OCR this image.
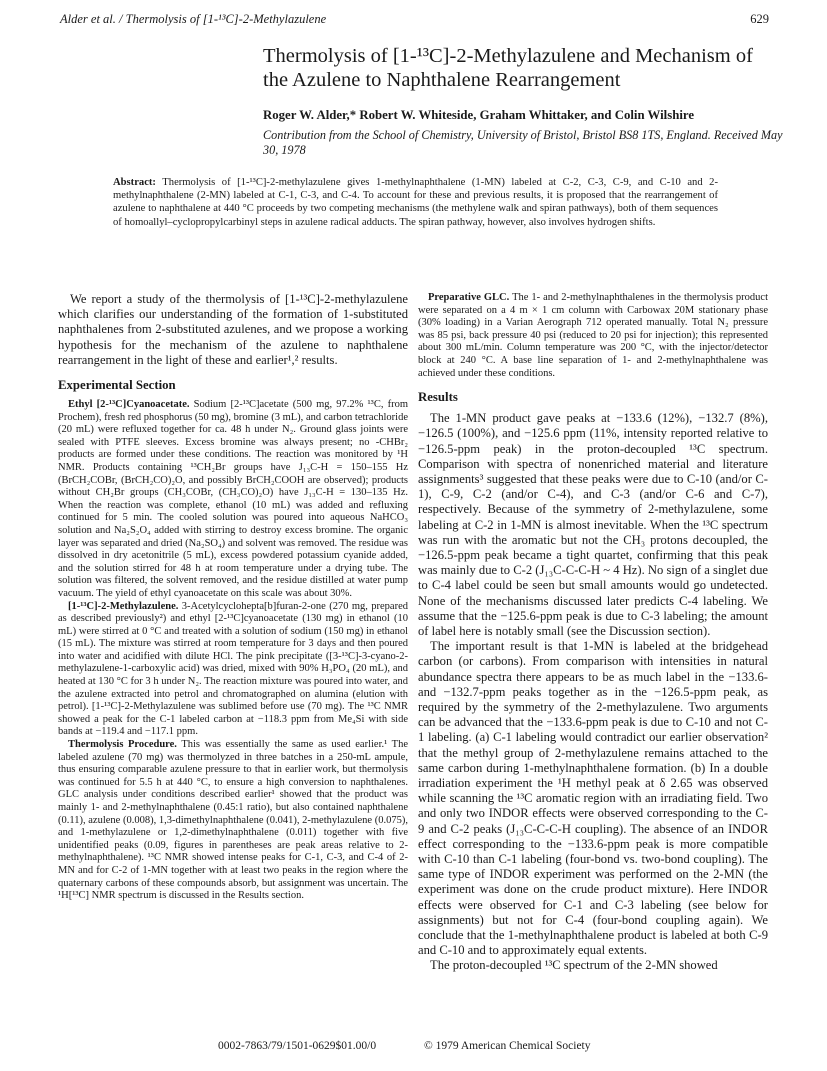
Alder et al. / Thermolysis of [1-¹³C]-2-Methylazulene	629
Thermolysis of [1-¹³C]-2-Methylazulene and Mechanism of the Azulene to Naphthalene Rearrangement
Roger W. Alder,* Robert W. Whiteside, Graham Whittaker, and Colin Wilshire
Contribution from the School of Chemistry, University of Bristol, Bristol BS8 1TS, England. Received May 30, 1978
Abstract: Thermolysis of [1-¹³C]-2-methylazulene gives 1-methylnaphthalene (1-MN) labeled at C-2, C-3, C-9, and C-10 and 2-methylnaphthalene (2-MN) labeled at C-1, C-3, and C-4. To account for these and previous results, it is proposed that the rearrangement of azulene to naphthalene at 440 °C proceeds by two competing mechanisms (the methylene walk and spiran pathways), both of them sequences of homoallyl–cyclopropylcarbinyl steps in azulene radical adducts. The spiran pathway, however, also involves hydrogen shifts.

We report a study of the thermolysis of [1-¹³C]-2-methylazulene which clarifies our understanding of the formation of 1-substituted naphthalenes from 2-substituted azulenes, and we propose a working hypothesis for the mechanism of the azulene to naphthalene rearrangement in the light of these and earlier¹,² results.

Experimental Section

Ethyl [2-¹³C]Cyanoacetate. Sodium [2-¹³C]acetate (500 mg, 97.2% ¹³C, from Prochem), fresh red phosphorus (50 mg), bromine (3 mL), and carbon tetrachloride (20 mL) were refluxed together for ca. 48 h under N₂. Ground glass joints were sealed with PTFE sleeves. Excess bromine was always present; no -CHBr₂ products are formed under these conditions. The reaction was monitored by ¹H NMR. Products containing ¹³CH₂Br groups have J₁₃C-H = 150–155 Hz (BrCH₂COBr, (BrCH₂CO)₂O, and possibly BrCH₂COOH are observed); products without CH₂Br groups (CH₃COBr, (CH₃CO)₂O) have J₁₃C-H = 130–135 Hz. When the reaction was complete, ethanol (10 mL) was added and refluxing continued for 5 min. The cooled solution was poured into aqueous NaHCO₃ solution and Na₂S₂O₄ added with stirring to destroy excess bromine. The organic layer was separated and dried (Na₂SO₄) and solvent was removed. The residue was dissolved in dry acetonitrile (5 mL), excess powdered potassium cyanide added, and the solution stirred for 48 h at room temperature under a drying tube. The solution was filtered, the solvent removed, and the residue distilled at water pump vacuum. The yield of ethyl cyanoacetate on this scale was about 30%.

[1-¹³C]-2-Methylazulene. 3-Acetylcyclohepta[b]furan-2-one (270 mg, prepared as described previously²) and ethyl [2-¹³C]cyanoacetate (130 mg) in ethanol (10 mL) were stirred at 0 °C and treated with a solution of sodium (150 mg) in ethanol (15 mL). The mixture was stirred at room temperature for 3 days and then poured into water and acidified with dilute HCl. The pink precipitate ([3-¹³C]-3-cyano-2-methylazulene-1-carboxylic acid) was dried, mixed with 90% H₃PO₄ (20 mL), and heated at 130 °C for 3 h under N₂. The reaction mixture was poured into water, and the azulene extracted into petrol and chromatographed on alumina (elution with petrol). [1-¹³C]-2-Methylazulene was sublimed before use (70 mg). The ¹³C NMR showed a peak for the C-1 labeled carbon at −118.3 ppm from Me₄Si with side bands at −119.4 and −117.1 ppm.

Thermolysis Procedure. This was essentially the same as used earlier.¹ The labeled azulene (70 mg) was thermolyzed in three batches in a 250-mL ampule, thus ensuring comparable azulene pressure to that in earlier work, but thermolysis was continued for 5.5 h at 440 °C, to ensure a high conversion to naphthalenes. GLC analysis under conditions described earlier¹ showed that the product was mainly 1- and 2-methylnaphthalene (0.45:1 ratio), but also contained naphthalene (0.11), azulene (0.008), 1,3-dimethylnaphthalene (0.041), 2-methylazulene (0.075), and 1-methylazulene or 1,2-dimethylnaphthalene (0.011) together with five unidentified peaks (0.09, figures in parentheses are peak areas relative to 2-methylnaphthalene). ¹³C NMR showed intense peaks for C-1, C-3, and C-4 of 2-MN and for C-2 of 1-MN together with at least two peaks in the region where the quaternary carbons of these compounds absorb, but assignment was uncertain. The ¹H[¹³C] NMR spectrum is discussed in the Results section.

Preparative GLC. The 1- and 2-methylnaphthalenes in the thermolysis product were separated on a 4 m × 1 cm column with Carbowax 20M stationary phase (30% loading) in a Varian Aerograph 712 operated manually. Total N₂ pressure was 85 psi, back pressure 40 psi (reduced to 20 psi for injection); this represented about 300 mL/min. Column temperature was 200 °C, with the injector/detector block at 240 °C. A base line separation of 1- and 2-methylnaphthalene was achieved under these conditions.

Results

The 1-MN product gave peaks at −133.6 (12%), −132.7 (8%), −126.5 (100%), and −125.6 ppm (11%, intensity reported relative to −126.5-ppm peak) in the proton-decoupled ¹³C spectrum. Comparison with spectra of nonenriched material and literature assignments³ suggested that these peaks were due to C-10 (and/or C-1), C-9, C-2 (and/or C-4), and C-3 (and/or C-6 and C-7), respectively. Because of the symmetry of 2-methylazulene, some labeling at C-2 in 1-MN is almost inevitable. When the ¹³C spectrum was run with the aromatic but not the CH₃ protons decoupled, the −126.5-ppm peak became a tight quartet, confirming that this peak was mainly due to C-2 (J₁₃C-C-C-H ~ 4 Hz). No sign of a singlet due to C-4 label could be seen but small amounts would go undetected. None of the mechanisms discussed later predicts C-4 labeling. We assume that the −125.6-ppm peak is due to C-3 labeling; the amount of label here is notably small (see the Discussion section).

The important result is that 1-MN is labeled at the bridgehead carbon (or carbons). From comparison with intensities in natural abundance spectra there appears to be as much label in the −133.6- and −132.7-ppm peaks together as in the −126.5-ppm peak, as required by the symmetry of the 2-methylazulene. Two arguments can be advanced that the −133.6-ppm peak is due to C-10 and not C-1 labeling. (a) C-1 labeling would contradict our earlier observation² that the methyl group of 2-methylazulene remains attached to the same carbon during 1-methylnaphthalene formation. (b) In a double irradiation experiment the ¹H methyl peak at δ 2.65 was observed while scanning the ¹³C aromatic region with an irradiating field. Two and only two INDOR effects were observed corresponding to the C-9 and C-2 peaks (J₁₃C-C-C-H coupling). The absence of an INDOR effect corresponding to the −133.6-ppm peak is more compatible with C-10 than C-1 labeling (four-bond vs. two-bond coupling). The same type of INDOR experiment was performed on the 2-MN (the experiment was done on the crude product mixture). Here INDOR effects were observed for C-1 and C-3 labeling (see below for assignments) but not for C-4 (four-bond coupling again). We conclude that the 1-methylnaphthalene product is labeled at both C-9 and C-10 and to approximately equal extents.

The proton-decoupled ¹³C spectrum of the 2-MN showed

0002-7863/79/1501-0629$01.00/0	© 1979 American Chemical Society
